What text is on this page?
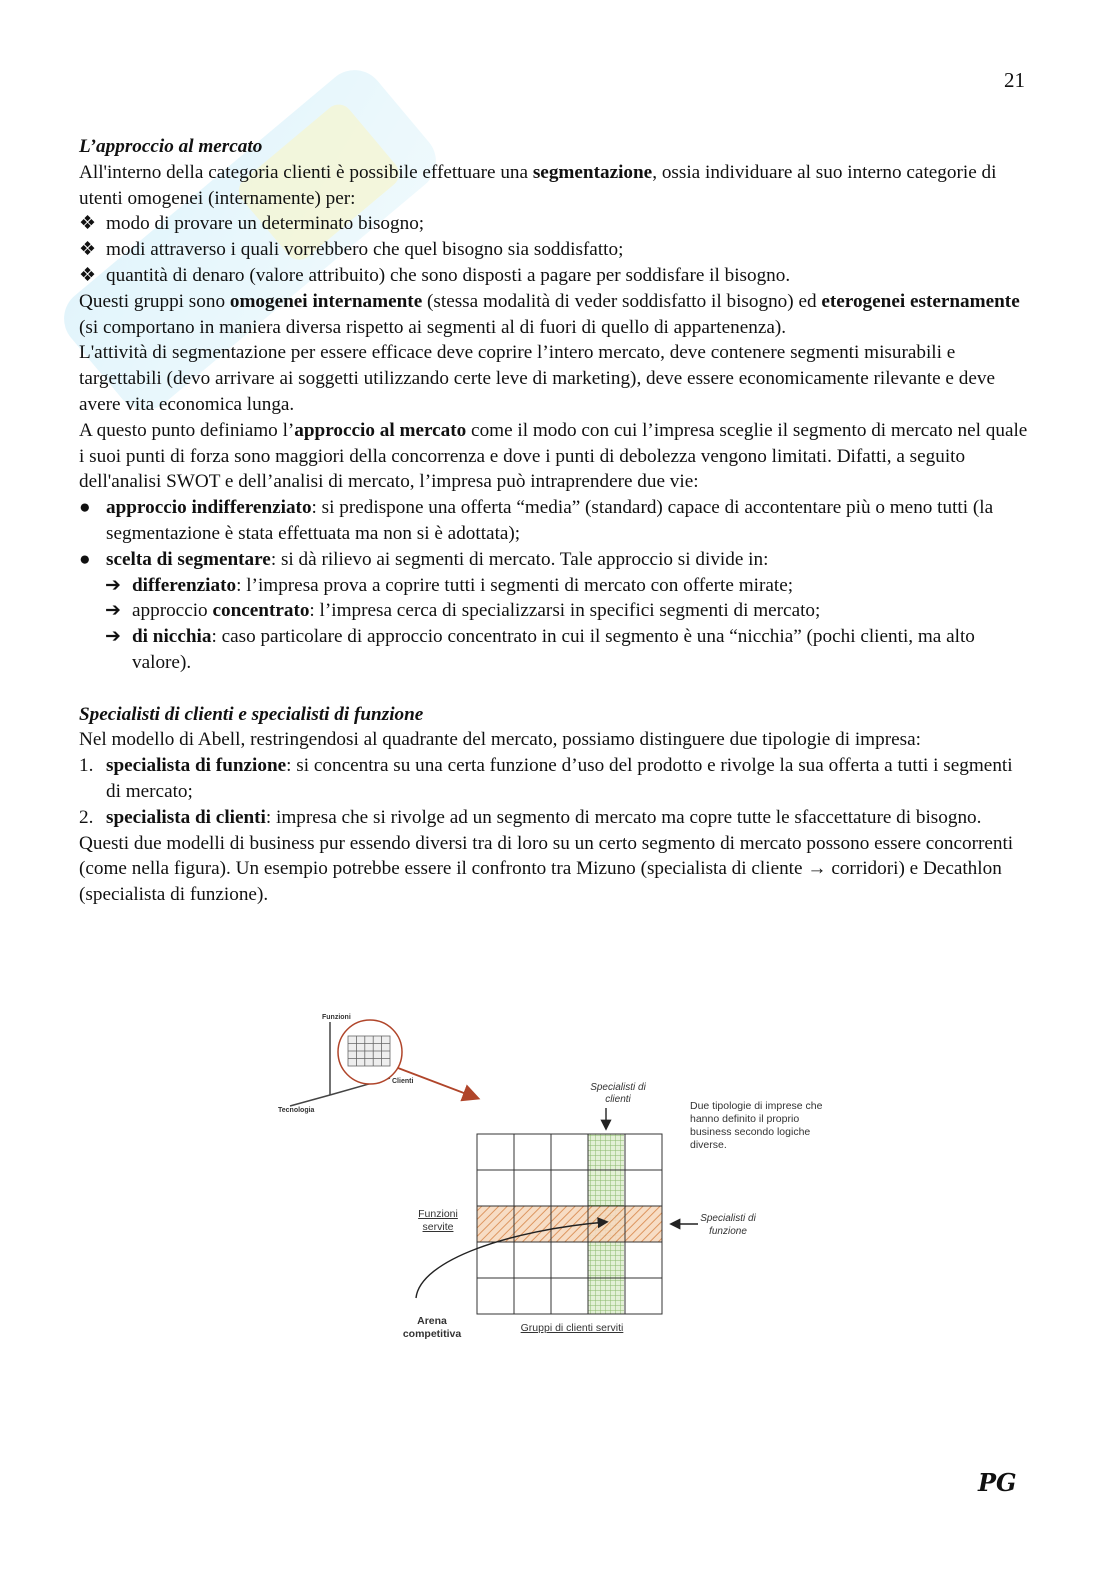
21

L’approccio al mercato

All'interno della categoria clienti è possibile effettuare una segmentazione, ossia individuare al suo interno categorie di utenti omogenei (internamente) per:

❖ modo di provare un determinato bisogno;
❖ modi attraverso i quali vorrebbero che quel bisogno sia soddisfatto;
❖ quantità di denaro (valore attribuito) che sono disposti a pagare per soddisfare il bisogno.

Questi gruppi sono omogenei internamente (stessa modalità di veder soddisfatto il bisogno) ed eterogenei esternamente (si comportano in maniera diversa rispetto ai segmenti al di fuori di quello di appartenenza).

L'attività di segmentazione per essere efficace deve coprire l’intero mercato, deve contenere segmenti misurabili e targettabili (devo arrivare ai soggetti utilizzando certe leve di marketing), deve essere economicamente rilevante e deve avere vita economica lunga.

A questo punto definiamo l’approccio al mercato come il modo con cui l’impresa sceglie il segmento di mercato nel quale i suoi punti di forza sono maggiori della concorrenza e dove i punti di debolezza vengono limitati. Difatti, a seguito dell'analisi SWOT e dell’analisi di mercato, l’impresa può intraprendere due vie:

● approccio indifferenziato: si predispone una offerta “media” (standard) capace di accontentare più o meno tutti (la segmentazione è stata effettuata ma non si è adottata);
● scelta di segmentare: si dà rilievo ai segmenti di mercato. Tale approccio si divide in:
➔ differenziato: l’impresa prova a coprire tutti i segmenti di mercato con offerte mirate;
➔ approccio concentrato: l’impresa cerca di specializzarsi in specifici segmenti di mercato;
➔ di nicchia: caso particolare di approccio concentrato in cui il segmento è una “nicchia” (pochi clienti, ma alto valore).

Specialisti di clienti e specialisti di funzione

Nel modello di Abell, restringendosi al quadrante del mercato, possiamo distinguere due tipologie di impresa:

1. specialista di funzione: si concentra su una certa funzione d’uso del prodotto e rivolge la sua offerta a tutti i segmenti di mercato;
2. specialista di clienti: impresa che si rivolge ad un segmento di mercato ma copre tutte le sfaccettature di bisogno.

Questi due modelli di business pur essendo diversi tra di loro su un certo segmento di mercato possono essere concorrenti (come nella figura). Un esempio potrebbe essere il confronto tra Mizuno (specialista di cliente → corridori) e Decathlon (specialista di funzione).

Funzioni
Clienti
Tecnologia
Specialisti di clienti
Due tipologie di imprese che hanno definito il proprio business secondo logiche diverse.
Funzioni servite
Specialisti di funzione
Arena competitiva	Gruppi di clienti serviti
PG
